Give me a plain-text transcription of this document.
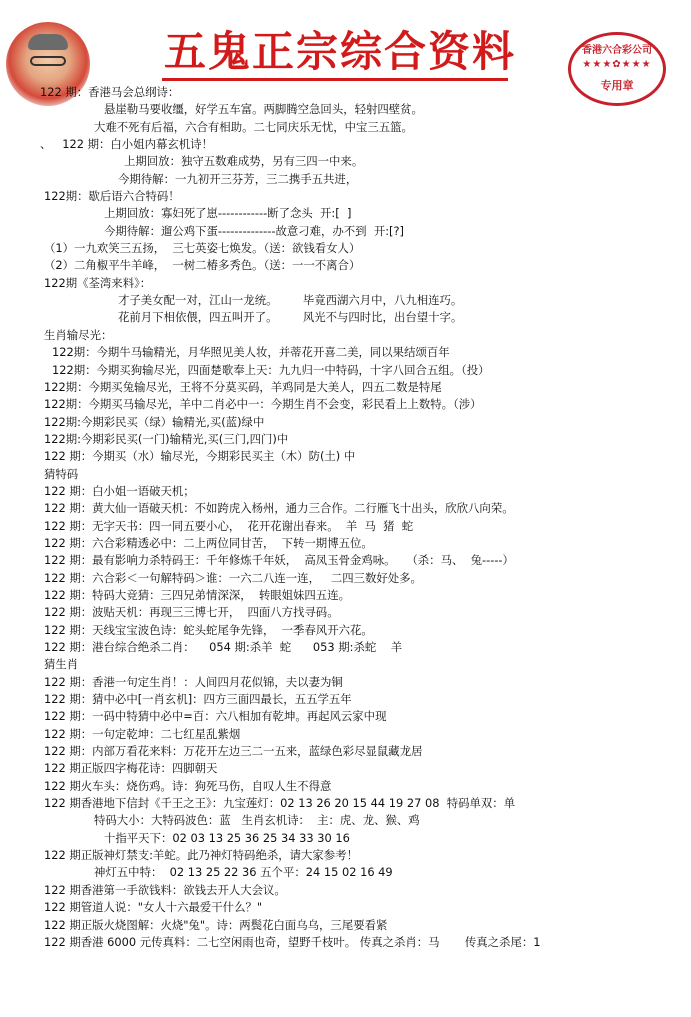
五鬼正宗综合资料	香港六合彩公司
★★★✿★★★
专用章
122 期：香港马会总纲诗：
悬崖勒马要收缰，好学五车富。两脚腾空急回头，轻射四壁贫。
大难不死有后福，六合有相助。二七同庆乐无忧，中宝三五篮。
、   122 期：白小姐内幕玄机诗！
上期回放：独守五数难成势，另有三四一中来。
今期待解：一九初开三芬芳，三二携手五共进，
122期：歇后语六合特码！
上期回放：寡妇死了崽------------断了念头  开:[  ]
今期待解：遛公鸡下蛋--------------故意刁难，办不到  开:[?]
（1）一九欢笑三五扬，  三七英姿七焕发。（送：欲钱看女人）
（2）二角椒平牛羊峰，  一树二椿多秀色。（送：一一不离合）
122期《荃湾来料》：
才子美女配一对，江山一龙统。       毕竟西湖六月中，八九相连巧。
花前月下相依偎，四五叫开了。       风光不与四时比，出台望十字。
生肖输尽光：
122期：今期牛马输精光，月华照见美人妆，并蒂花开喜二美，同以果结颂百年
122期：今期买狗输尽光，四面楚歌奉上天：九九归一中特码，十字八回合五组。（投）
122期：今期买兔输尽光，王将不分莫买码，羊鸡同是大美人，四五二数是特尾
122期：今期买马输尽光，羊中二肖必中一：今期生肖不会变，彩民看上上数特。（涉）
122期:今期彩民买（绿）输精光,买(蓝)绿中
122期:今期彩民买(一门)输精光,买(三门,四门)中
122 期：今期买（水）输尽光，今期彩民买主（木）防(土) 中
猜特码
122 期：白小姐一语破天机；
122 期：黄大仙一语破天机：不如跨虎入杨州，通力三合作。二行雁飞十出头，欣欣八向荣。
122 期：无字天书：四一同五要小心，  花开花谢出春来。  羊  马  猪  蛇
122 期：六合彩精透必中：二上两位同甘苦，  下转一期博五位。
122 期：最有影响力杀特码王：千年修炼千年妖，  高凤玉骨金鸡咏。   （杀：马、  兔-----）
122 期：六合彩＜一句解特码＞谁：一六二八连一连，   二四三数好处多。
122 期：特码大竞猜：三四兄弟情深深，  转眼姐妹四五连。
122 期：波贴天机：再现三三博七开，  四面八方找寻码。
122 期：天线宝宝波色诗：蛇头蛇尾争先锋，  一季春风开六花。
122 期：港台综合绝杀二肖：    054 期:杀羊  蛇      053 期:杀蛇    羊
猜生肖
122 期：香港一句定生肖！：人间四月花似锦，夫以妻为铜
122 期：猜中必中[一肖玄机]：四方三面四最长，五五学五年
122 期：一码中特猜中必中=百：六八相加有乾坤。再起风云家中现
122 期：一句定乾坤：二七红星乱紫烟
122 期：内部万看花来料：万花开左边三二一五来，蓝绿色彩尽显鼠藏龙居
122 期正版四字梅花诗：四脚朝天
122 期火车头：烧伤鸡。诗：狗死马伤，自叹人生不得意
122 期香港地下信封《千王之王》：九宝莲灯：02 13 26 20 15 44 19 27 08  特码单双：单
特码大小：大特码波色：蓝   生肖玄机诗：  主：虎、龙、猴、鸡
十指平天下：02 03 13 25 36 25 34 33 30 16
122 期正版神灯禁支:羊蛇。此乃神灯特码绝杀，请大家参考！
神灯五中特：  02 13 25 22 36 五个平：24 15 02 16 49
122 期香港第一手欲钱料：欲钱去开人大会议。
122 期管道人说："女人十六最爱干什么？"
122 期正版火烧图解：火烧"兔"。诗：两鬓花白面乌乌，三尾要看紧
122 期香港 6000 元传真料：二七空闲雨也奇，望野千枝叶。 传真之杀肖：马       传真之杀尾：1
